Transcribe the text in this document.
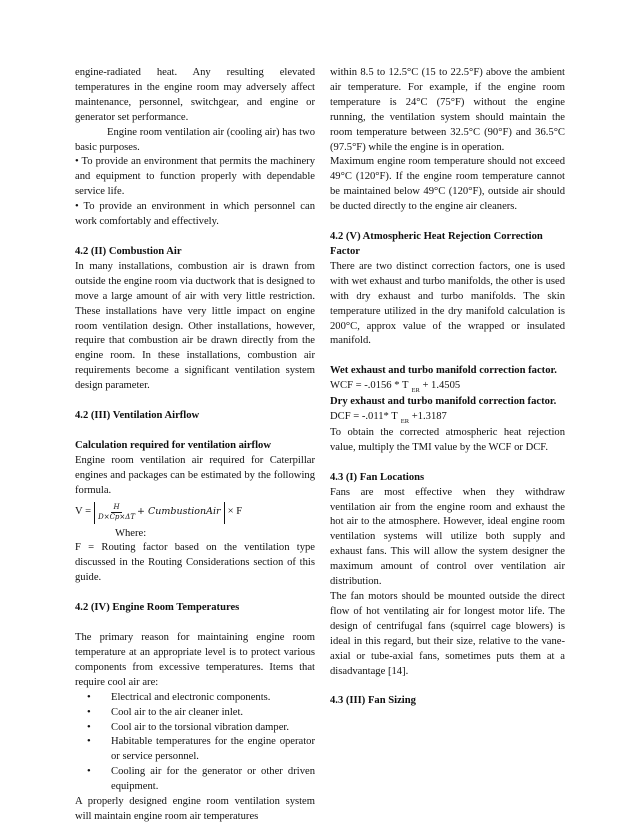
engine-radiated heat. Any resulting elevated temperatures in the engine room may adversely affect maintenance, personnel, switchgear, and engine or generator set performance.

Engine room ventilation air (cooling air) has two basic purposes.

• To provide an environment that permits the machinery and equipment to function properly with dependable service life.

• To provide an environment in which personnel can work comfortably and effectively.

4.2 (II) Combustion Air

In many installations, combustion air is drawn from outside the engine room via ductwork that is designed to move a large amount of air with very little restriction. These installations have very little impact on engine room ventilation design. Other installations, however, require that combustion air be drawn directly from the engine room. In these installations, combustion air requirements become a significant ventilation system design parameter.

4.2 (III) Ventilation Airflow
Calculation required for ventilation airflow

Engine room ventilation air required for Caterpillar engines and packages can be estimated by the following formula.

$V = \frac{H}{D\times Cp\times\Delta T}$ + CumbustionAir × F

Where:

F = Routing factor based on the ventilation type discussed in the Routing Considerations section of this guide.

4.2 (IV) Engine Room Temperatures

The primary reason for maintaining engine room temperature at an appropriate level is to protect various components from excessive temperatures. Items that require cool air are:

• Electrical and electronic components.
• Cool air to the air cleaner inlet.
• Cool air to the torsional vibration damper.
• Habitable temperatures for the engine operator or service personnel.
• Cooling air for the generator or other driven equipment.

A properly designed engine room ventilation system will maintain engine room air temperatures

within 8.5 to 12.5°C (15 to 22.5°F) above the ambient air temperature. For example, if the engine room temperature is 24°C (75°F) without the engine running, the ventilation system should maintain the room temperature between 32.5°C (90°F) and 36.5°C (97.5°F) while the engine is in operation.

Maximum engine room temperature should not exceed 49°C (120°F). If the engine room temperature cannot be maintained below 49°C (120°F), outside air should be ducted directly to the engine air cleaners.

4.2 (V) Atmospheric Heat Rejection Correction Factor

There are two distinct correction factors, one is used with wet exhaust and turbo manifolds, the other is used with dry exhaust and turbo manifolds. The skin temperature utilized in the dry manifold calculation is 200°C, approx value of the wrapped or insulated manifold.

Wet exhaust and turbo manifold correction factor.

WCF = -.0156 * T $_{ER}$ + 1.4505

Dry exhaust and turbo manifold correction factor.

DCF = -.011* T $_{ER}$ +1.3187

To obtain the corrected atmospheric heat rejection value, multiply the TMI value by the WCF or DCF.

4.3 (I) Fan Locations

Fans are most effective when they withdraw ventilation air from the engine room and exhaust the hot air to the atmosphere. However, ideal engine room ventilation systems will utilize both supply and exhaust fans. This will allow the system designer the maximum amount of control over ventilation air distribution.

The fan motors should be mounted outside the direct flow of hot ventilating air for longest motor life. The design of centrifugal fans (squirrel cage blowers) is ideal in this regard, but their size, relative to the vane-axial or tube-axial fans, sometimes puts them at a disadvantage [14].

4.3 (III) Fan Sizing
